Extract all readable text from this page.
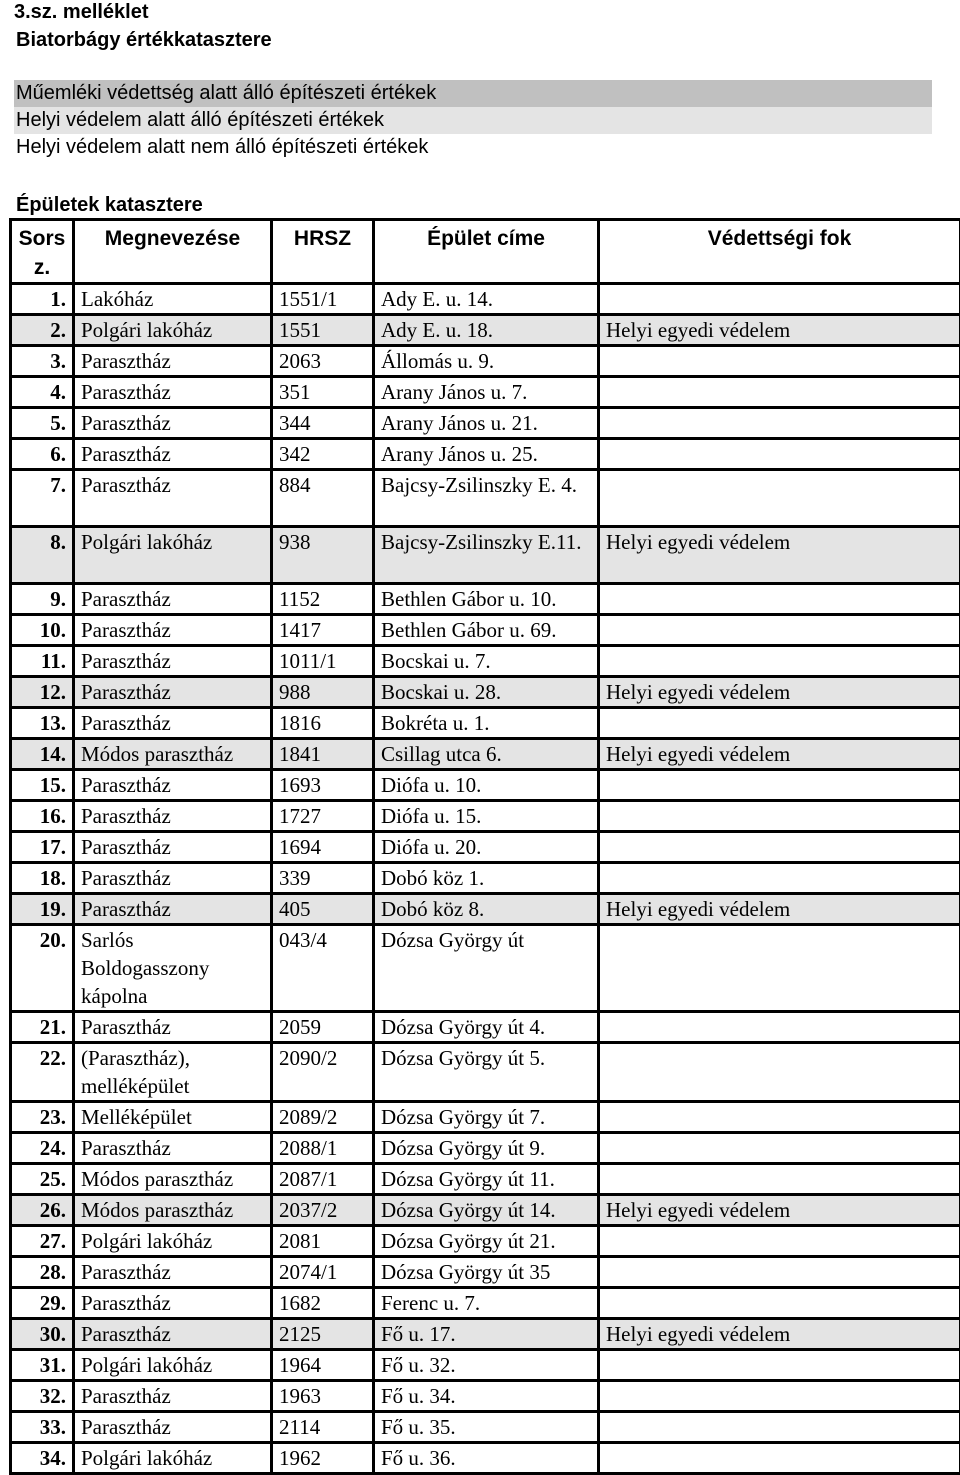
3.sz. melléklet
Biatorbágy értékkatasztere
Műemléki védettség alatt álló építészeti értékek
Helyi védelem alatt álló építészeti értékek
Helyi védelem alatt nem álló építészeti értékek
Épületek katasztere
Sors z.	Megnevezése	HRSZ	Épület címe	Védettségi fok
1.	Lakóház	1551/1	Ady E. u. 14.	
2.	Polgári lakóház	1551	Ady E. u. 18.	Helyi egyedi védelem
3.	Parasztház	2063	Állomás u. 9.	
4.	Parasztház	351	Arany János u. 7.	
5.	Parasztház	344	Arany János u. 21.	
6.	Parasztház	342	Arany János u. 25.	
7.	Parasztház	884	Bajcsy-Zsilinszky E. 4.	
8.	Polgári lakóház	938	Bajcsy-Zsilinszky E.11.	Helyi egyedi védelem
9.	Parasztház	1152	Bethlen Gábor u. 10.	
10.	Parasztház	1417	Bethlen Gábor u. 69.	
11.	Parasztház	1011/1	Bocskai u. 7.	
12.	Parasztház	988	Bocskai u. 28.	Helyi egyedi védelem
13.	Parasztház	1816	Bokréta u. 1.	
14.	Módos parasztház	1841	Csillag utca 6.	Helyi egyedi védelem
15.	Parasztház	1693	Diófa u. 10.	
16.	Parasztház	1727	Diófa u. 15.	
17.	Parasztház	1694	Diófa u. 20.	
18.	Parasztház	339	Dobó köz 1.	
19.	Parasztház	405	Dobó köz 8.	Helyi egyedi védelem
20.	Sarlós Boldogasszony kápolna	043/4	Dózsa György út	
21.	Parasztház	2059	Dózsa György út 4.	
22.	(Parasztház), melléképület	2090/2	Dózsa György út 5.	
23.	Melléképület	2089/2	Dózsa György út 7.	
24.	Parasztház	2088/1	Dózsa György út 9.	
25.	Módos parasztház	2087/1	Dózsa György út 11.	
26.	Módos parasztház	2037/2	Dózsa György út 14.	Helyi egyedi védelem
27.	Polgári lakóház	2081	Dózsa György út 21.	
28.	Parasztház	2074/1	Dózsa György út 35	
29.	Parasztház	1682	Ferenc u. 7.	
30.	Parasztház	2125	Fő u. 17.	Helyi egyedi védelem
31.	Polgári lakóház	1964	Fő u. 32.	
32.	Parasztház	1963	Fő u. 34.	
33.	Parasztház	2114	Fő u. 35.	
34.	Polgári lakóház	1962	Fő u. 36.	
